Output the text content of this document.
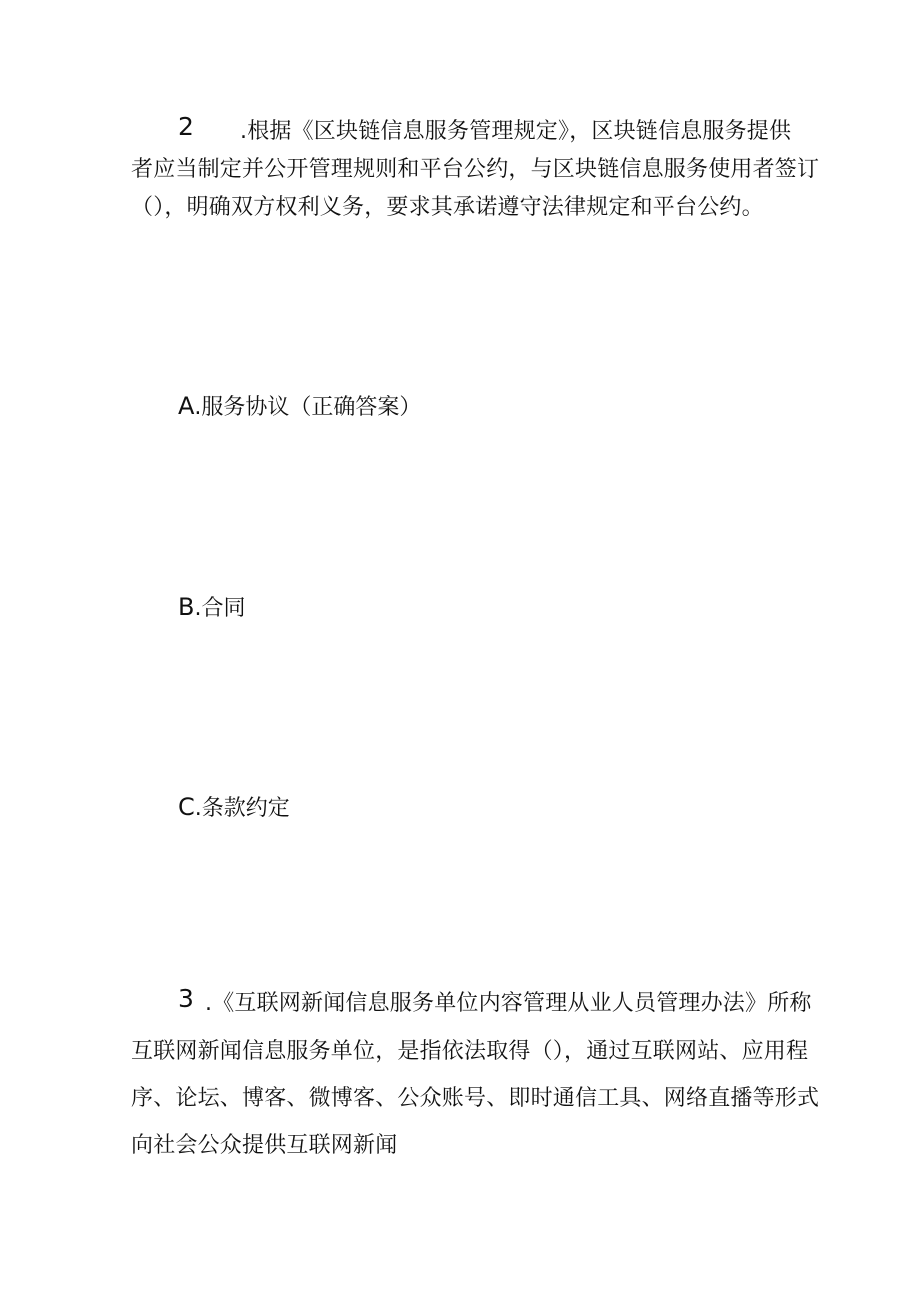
2 .根据《区块链信息服务管理规定》，区块链信息服务提供
者应当制定并公开管理规则和平台公约，与区块链信息服务使用者签订
（），明确双方权利义务，要求其承诺遵守法律规定和平台公约。
A.服务协议（正确答案）
B.合同
C.条款约定
3 .《互联网新闻信息服务单位内容管理从业人员管理办法》所称
互联网新闻信息服务单位，是指依法取得（），通过互联网站、应用程
序、论坛、博客、微博客、公众账号、即时通信工具、网络直播等形式
向社会公众提供互联网新闻
